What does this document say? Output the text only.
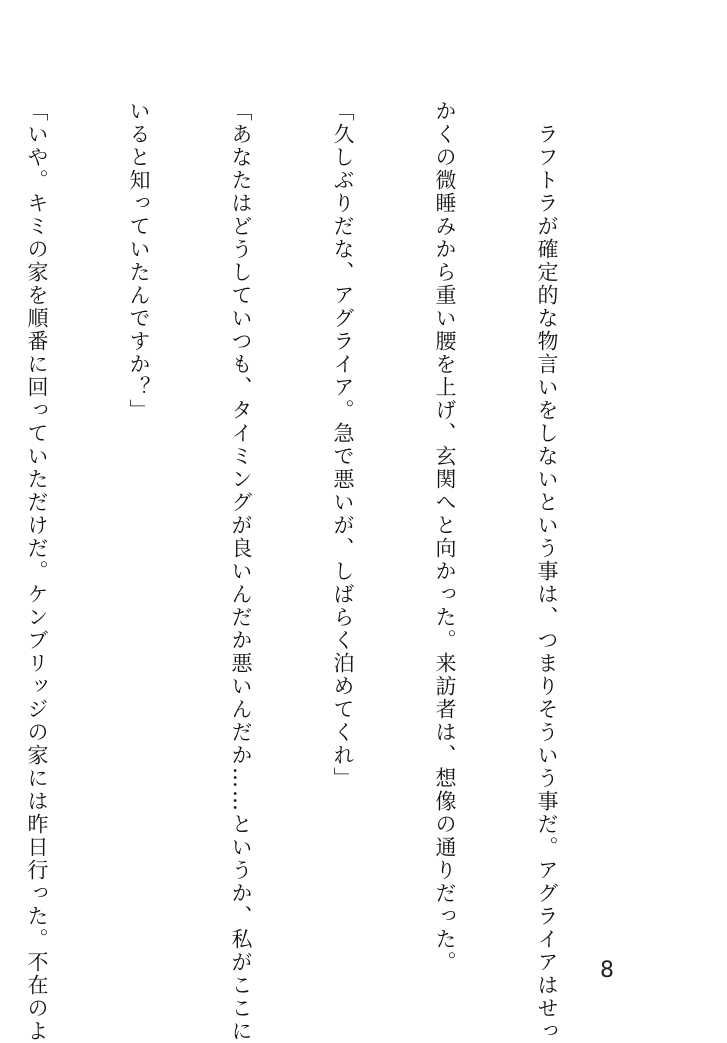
　ラフトラが確定的な物言いをしないという事は、つまりそういう事だ。アグライアはせっ

かくの微睡みから重い腰を上げ、玄関へと向かった。来訪者は、想像の通りだった。

「久しぶりだな、アグライア。急で悪いが、しばらく泊めてくれ」

「あなたはどうしていつも、タイミングが良いんだか悪いんだか……というか、私がここに

いると知っていたんですか？」

「いや。キミの家を順番に回っていただけだ。ケンブリッジの家には昨日行った。不在のよ

	8
